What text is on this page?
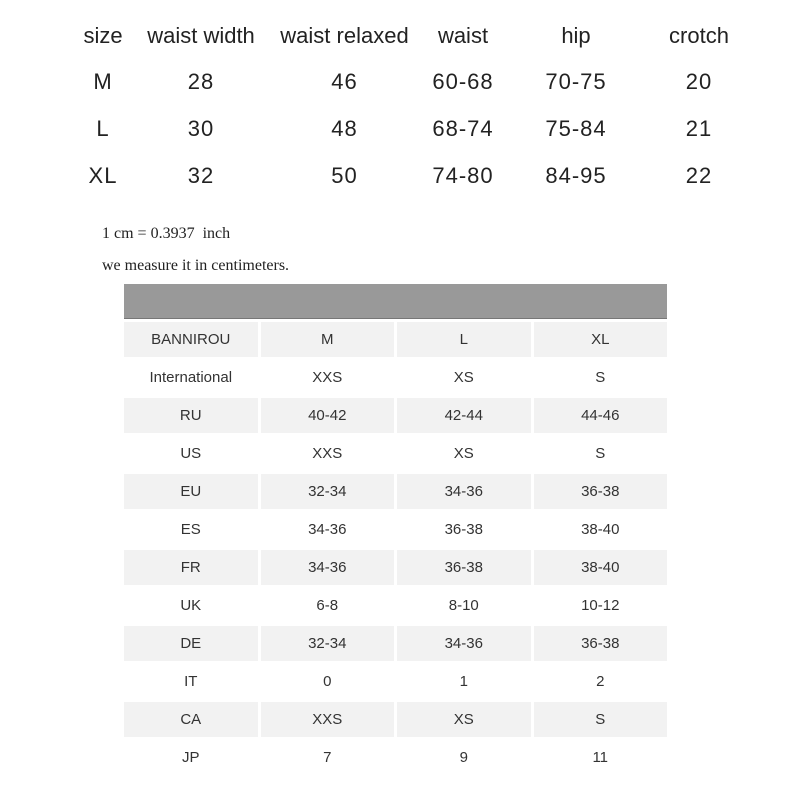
size	waist width	waist relaxed	waist	hip	crotch
M	28	46	60-68	70-75	20
L	30	48	68-74	75-84	21
XL	32	50	74-80	84-95	22
1 cm = 0.3937  inch
we measure it in centimeters.
BANNIROU	M	L	XL
International	XXS	XS	S
RU	40-42	42-44	44-46
US	XXS	XS	S
EU	32-34	34-36	36-38
ES	34-36	36-38	38-40
FR	34-36	36-38	38-40
UK	6-8	8-10	10-12
DE	32-34	34-36	36-38
IT	0	1	2
CA	XXS	XS	S
JP	7	9	11
